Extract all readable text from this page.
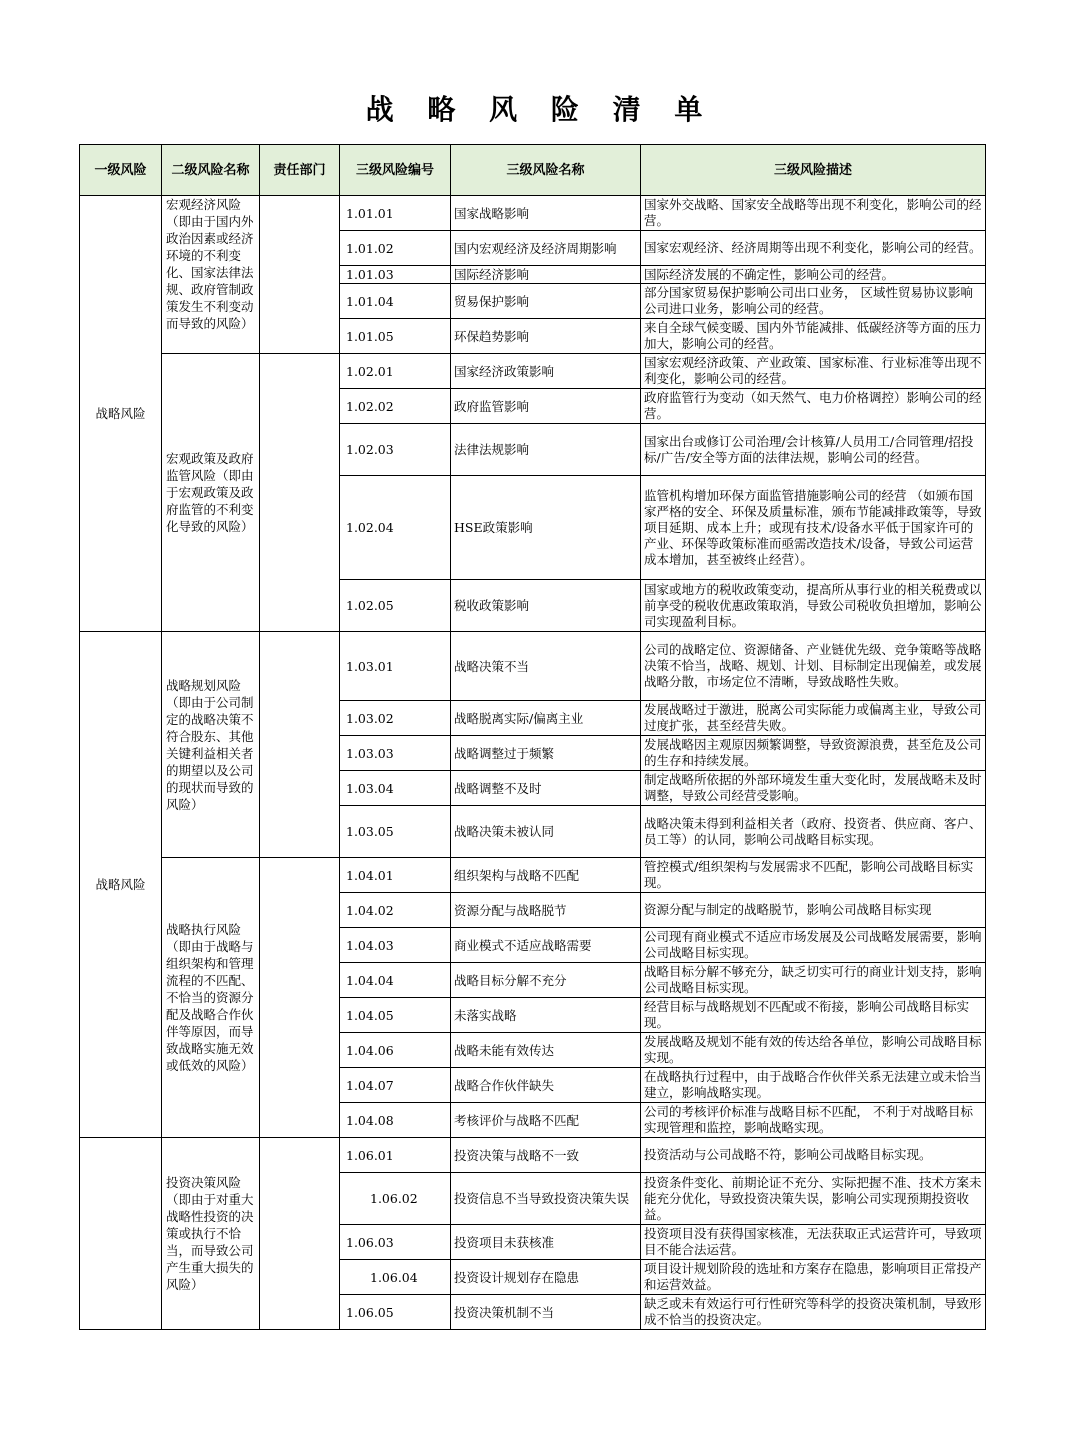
战 略 风 险 清 单
一级风险	二级风险名称	责任部门	三级风险编号	三级风险名称	三级风险描述
战略风险	宏观经济风险（即由于国内外政治因素或经济环境的不利变化、国家法律法规、政府管制政策发生不利变动而导致的风险）		1.01.01	国家战略影响	国家外交战略、国家安全战略等出现不利变化，影响公司的经营。
			1.01.02	国内宏观经济及经济周期影响	国家宏观经济、经济周期等出现不利变化，影响公司的经营。
			1.01.03	国际经济影响	国际经济发展的不确定性，影响公司的经营。
			1.01.04	贸易保护影响	部分国家贸易保护影响公司出口业务， 区域性贸易协议影响公司进口业务，影响公司的经营。
			1.01.05	环保趋势影响	来自全球气候变暖、国内外节能减排、低碳经济等方面的压力加大，影响公司的经营。
	宏观政策及政府监管风险（即由于宏观政策及政府监管的不利变化导致的风险）		1.02.01	国家经济政策影响	国家宏观经济政策、产业政策、国家标准、行业标准等出现不利变化，影响公司的经营。
			1.02.02	政府监管影响	政府监管行为变动（如天然气、电力价格调控）影响公司的经营。
			1.02.03	法律法规影响	国家出台或修订公司治理/会计核算/人员用工/合同管理/招投标/广告/安全等方面的法律法规，影响公司的经营。
			1.02.04	HSE政策影响	监管机构增加环保方面监管措施影响公司的经营 （如颁布国家严格的安全、环保及质量标准，颁布节能减排政策等，导致项目延期、成本上升；或现有技术/设备水平低于国家许可的产业、环保等政策标准而亟需改造技术/设备，导致公司运营成本增加，甚至被终止经营）。
			1.02.05	税收政策影响	国家或地方的税收政策变动，提高所从事行业的相关税费或以前享受的税收优惠政策取消，导致公司税收负担增加，影响公司实现盈利目标。
战略风险	战略规划风险（即由于公司制定的战略决策不符合股东、其他关键利益相关者的期望以及公司的现状而导致的风险）		1.03.01	战略决策不当	公司的战略定位、资源储备、产业链优先级、竞争策略等战略决策不恰当，战略、规划、计划、目标制定出现偏差，或发展战略分散，市场定位不清晰，导致战略性失败。
			1.03.02	战略脱离实际/偏离主业	发展战略过于激进，脱离公司实际能力或偏离主业，导致公司过度扩张，甚至经营失败。
			1.03.03	战略调整过于频繁	发展战略因主观原因频繁调整，导致资源浪费，甚至危及公司的生存和持续发展。
			1.03.04	战略调整不及时	制定战略所依据的外部环境发生重大变化时，发展战略未及时调整，导致公司经营受影响。
			1.03.05	战略决策未被认同	战略决策未得到利益相关者（政府、投资者、供应商、客户、员工等）的认同，影响公司战略目标实现。
	战略执行风险（即由于战略与组织架构和管理流程的不匹配、不恰当的资源分配及战略合作伙伴等原因，而导致战略实施无效或低效的风险）		1.04.01	组织架构与战略不匹配	管控模式/组织架构与发展需求不匹配，影响公司战略目标实现。
			1.04.02	资源分配与战略脱节	资源分配与制定的战略脱节，影响公司战略目标实现
			1.04.03	商业模式不适应战略需要	公司现有商业模式不适应市场发展及公司战略发展需要，影响公司战略目标实现。
			1.04.04	战略目标分解不充分	战略目标分解不够充分，缺乏切实可行的商业计划支持，影响公司战略目标实现。
			1.04.05	未落实战略	经营目标与战略规划不匹配或不衔接，影响公司战略目标实现。
			1.04.06	战略未能有效传达	发展战略及规划不能有效的传达给各单位，影响公司战略目标实现。
			1.04.07	战略合作伙伴缺失	在战略执行过程中，由于战略合作伙伴关系无法建立或未恰当建立，影响战略实现。
			1.04.08	考核评价与战略不匹配	公司的考核评价标准与战略目标不匹配， 不利于对战略目标实现管理和监控，影响战略实现。
	投资决策风险（即由于对重大战略性投资的决策或执行不恰当，而导致公司产生重大损失的风险）		1.06.01	投资决策与战略不一致	投资活动与公司战略不符，影响公司战略目标实现。
			1.06.02	投资信息不当导致投资决策失误	投资条件变化、前期论证不充分、实际把握不准、技术方案未能充分优化，导致投资决策失误，影响公司实现预期投资收益。
			1.06.03	投资项目未获核准	投资项目没有获得国家核准，无法获取正式运营许可，导致项目不能合法运营。
			1.06.04	投资设计规划存在隐患	项目设计规划阶段的选址和方案存在隐患，影响项目正常投产和运营效益。
			1.06.05	投资决策机制不当	缺乏或未有效运行可行性研究等科学的投资决策机制，导致形成不恰当的投资决定。
